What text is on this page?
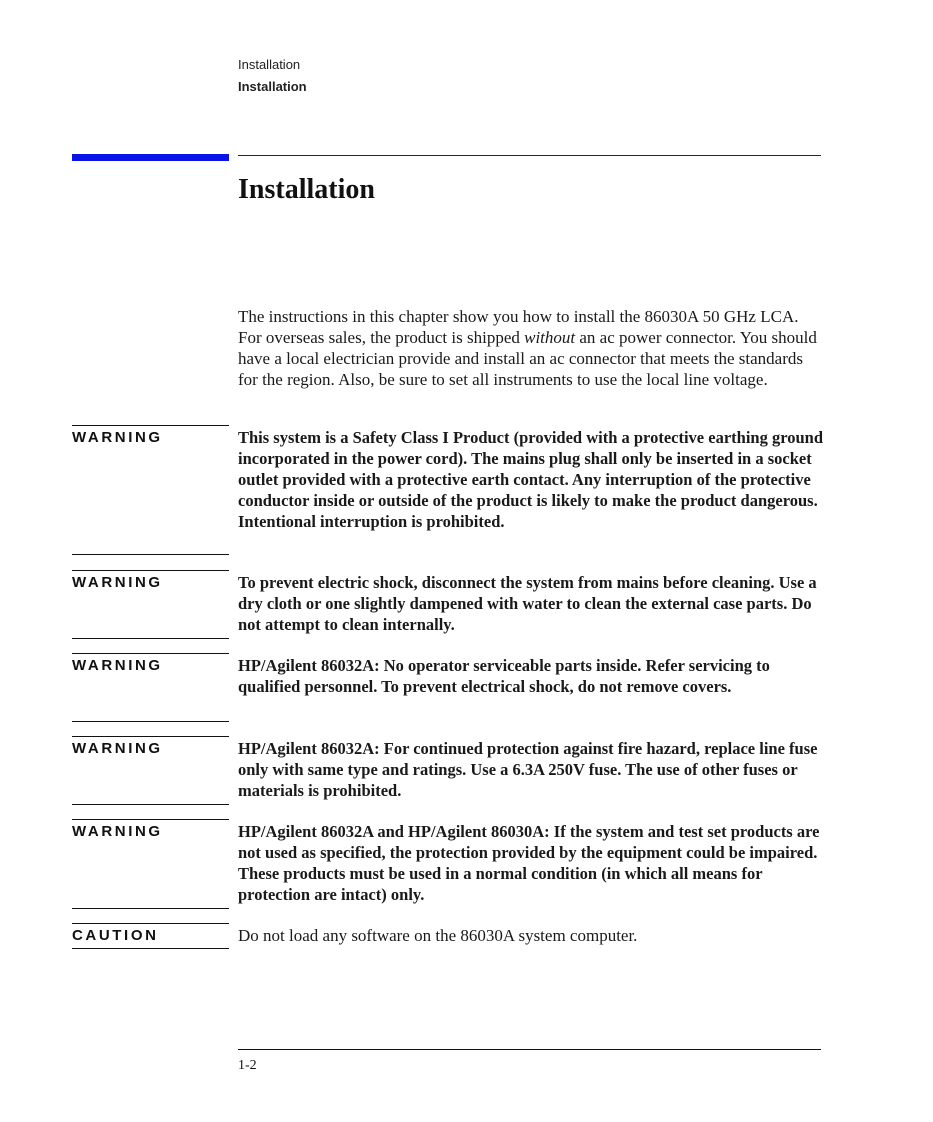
Installation
Installation
Installation

The instructions in this chapter show you how to install the 86030A 50 GHz LCA. For overseas sales, the product is shipped without an ac power connector. You should have a local electrician provide and install an ac connector that meets the standards for the region. Also, be sure to set all instruments to use the local line voltage.

WARNING	This system is a Safety Class I Product (provided with a protective earthing ground incorporated in the power cord). The mains plug shall only be inserted in a socket outlet provided with a protective earth contact. Any interruption of the protective conductor inside or outside of the product is likely to make the product dangerous. Intentional interruption is prohibited.

WARNING	To prevent electric shock, disconnect the system from mains before cleaning. Use a dry cloth or one slightly dampened with water to clean the external case parts. Do not attempt to clean internally.

WARNING	HP/Agilent 86032A: No operator serviceable parts inside. Refer servicing to qualified personnel. To prevent electrical shock, do not remove covers.

WARNING	HP/Agilent 86032A: For continued protection against fire hazard, replace line fuse only with same type and ratings. Use a 6.3A 250V fuse. The use of other fuses or materials is prohibited.

WARNING	HP/Agilent 86032A and HP/Agilent 86030A: If the system and test set products are not used as specified, the protection provided by the equipment could be impaired. These products must be used in a normal condition (in which all means for protection are intact) only.

CAUTION	Do not load any software on the 86030A system computer.

1-2
